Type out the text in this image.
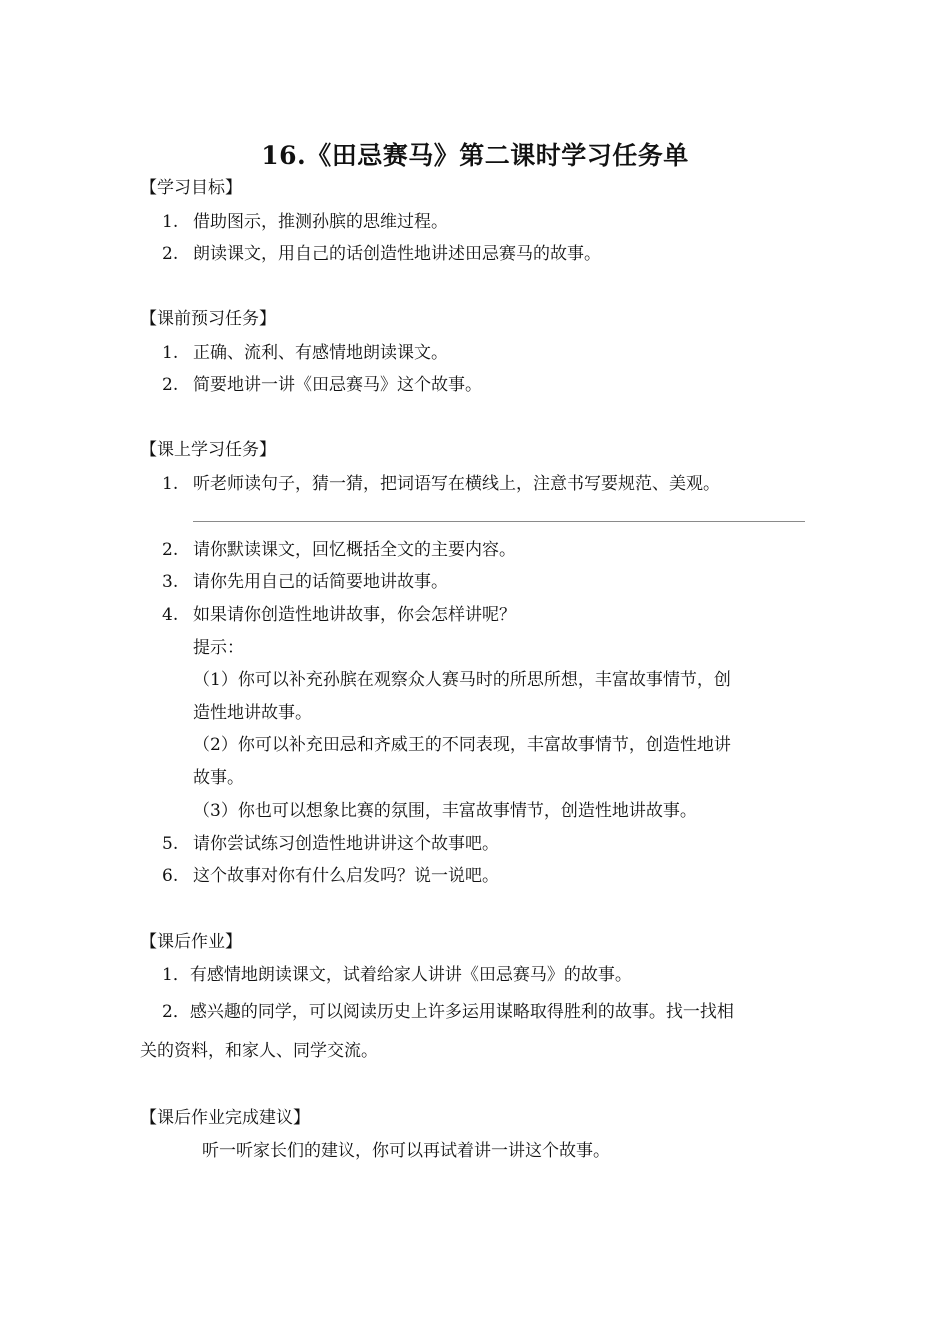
16.《田忌赛马》第二课时学习任务单
【学习目标】
1. 借助图示，推测孙膑的思维过程。
2. 朗读课文，用自己的话创造性地讲述田忌赛马的故事。
【课前预习任务】
1. 正确、流利、有感情地朗读课文。
2. 简要地讲一讲《田忌赛马》这个故事。
【课上学习任务】
1. 听老师读句子，猜一猜，把词语写在横线上，注意书写要规范、美观。
2. 请你默读课文，回忆概括全文的主要内容。
3. 请你先用自己的话简要地讲故事。
4. 如果请你创造性地讲故事，你会怎样讲呢？
提示：
（1）你可以补充孙膑在观察众人赛马时的所思所想，丰富故事情节，创
造性地讲故事。
（2）你可以补充田忌和齐威王的不同表现，丰富故事情节，创造性地讲
故事。
（3）你也可以想象比赛的氛围，丰富故事情节，创造性地讲故事。
5. 请你尝试练习创造性地讲讲这个故事吧。
6. 这个故事对你有什么启发吗？说一说吧。
【课后作业】
1．有感情地朗读课文，试着给家人讲讲《田忌赛马》的故事。
2．感兴趣的同学，可以阅读历史上许多运用谋略取得胜利的故事。找一找相
关的资料，和家人、同学交流。
【课后作业完成建议】
听一听家长们的建议，你可以再试着讲一讲这个故事。
